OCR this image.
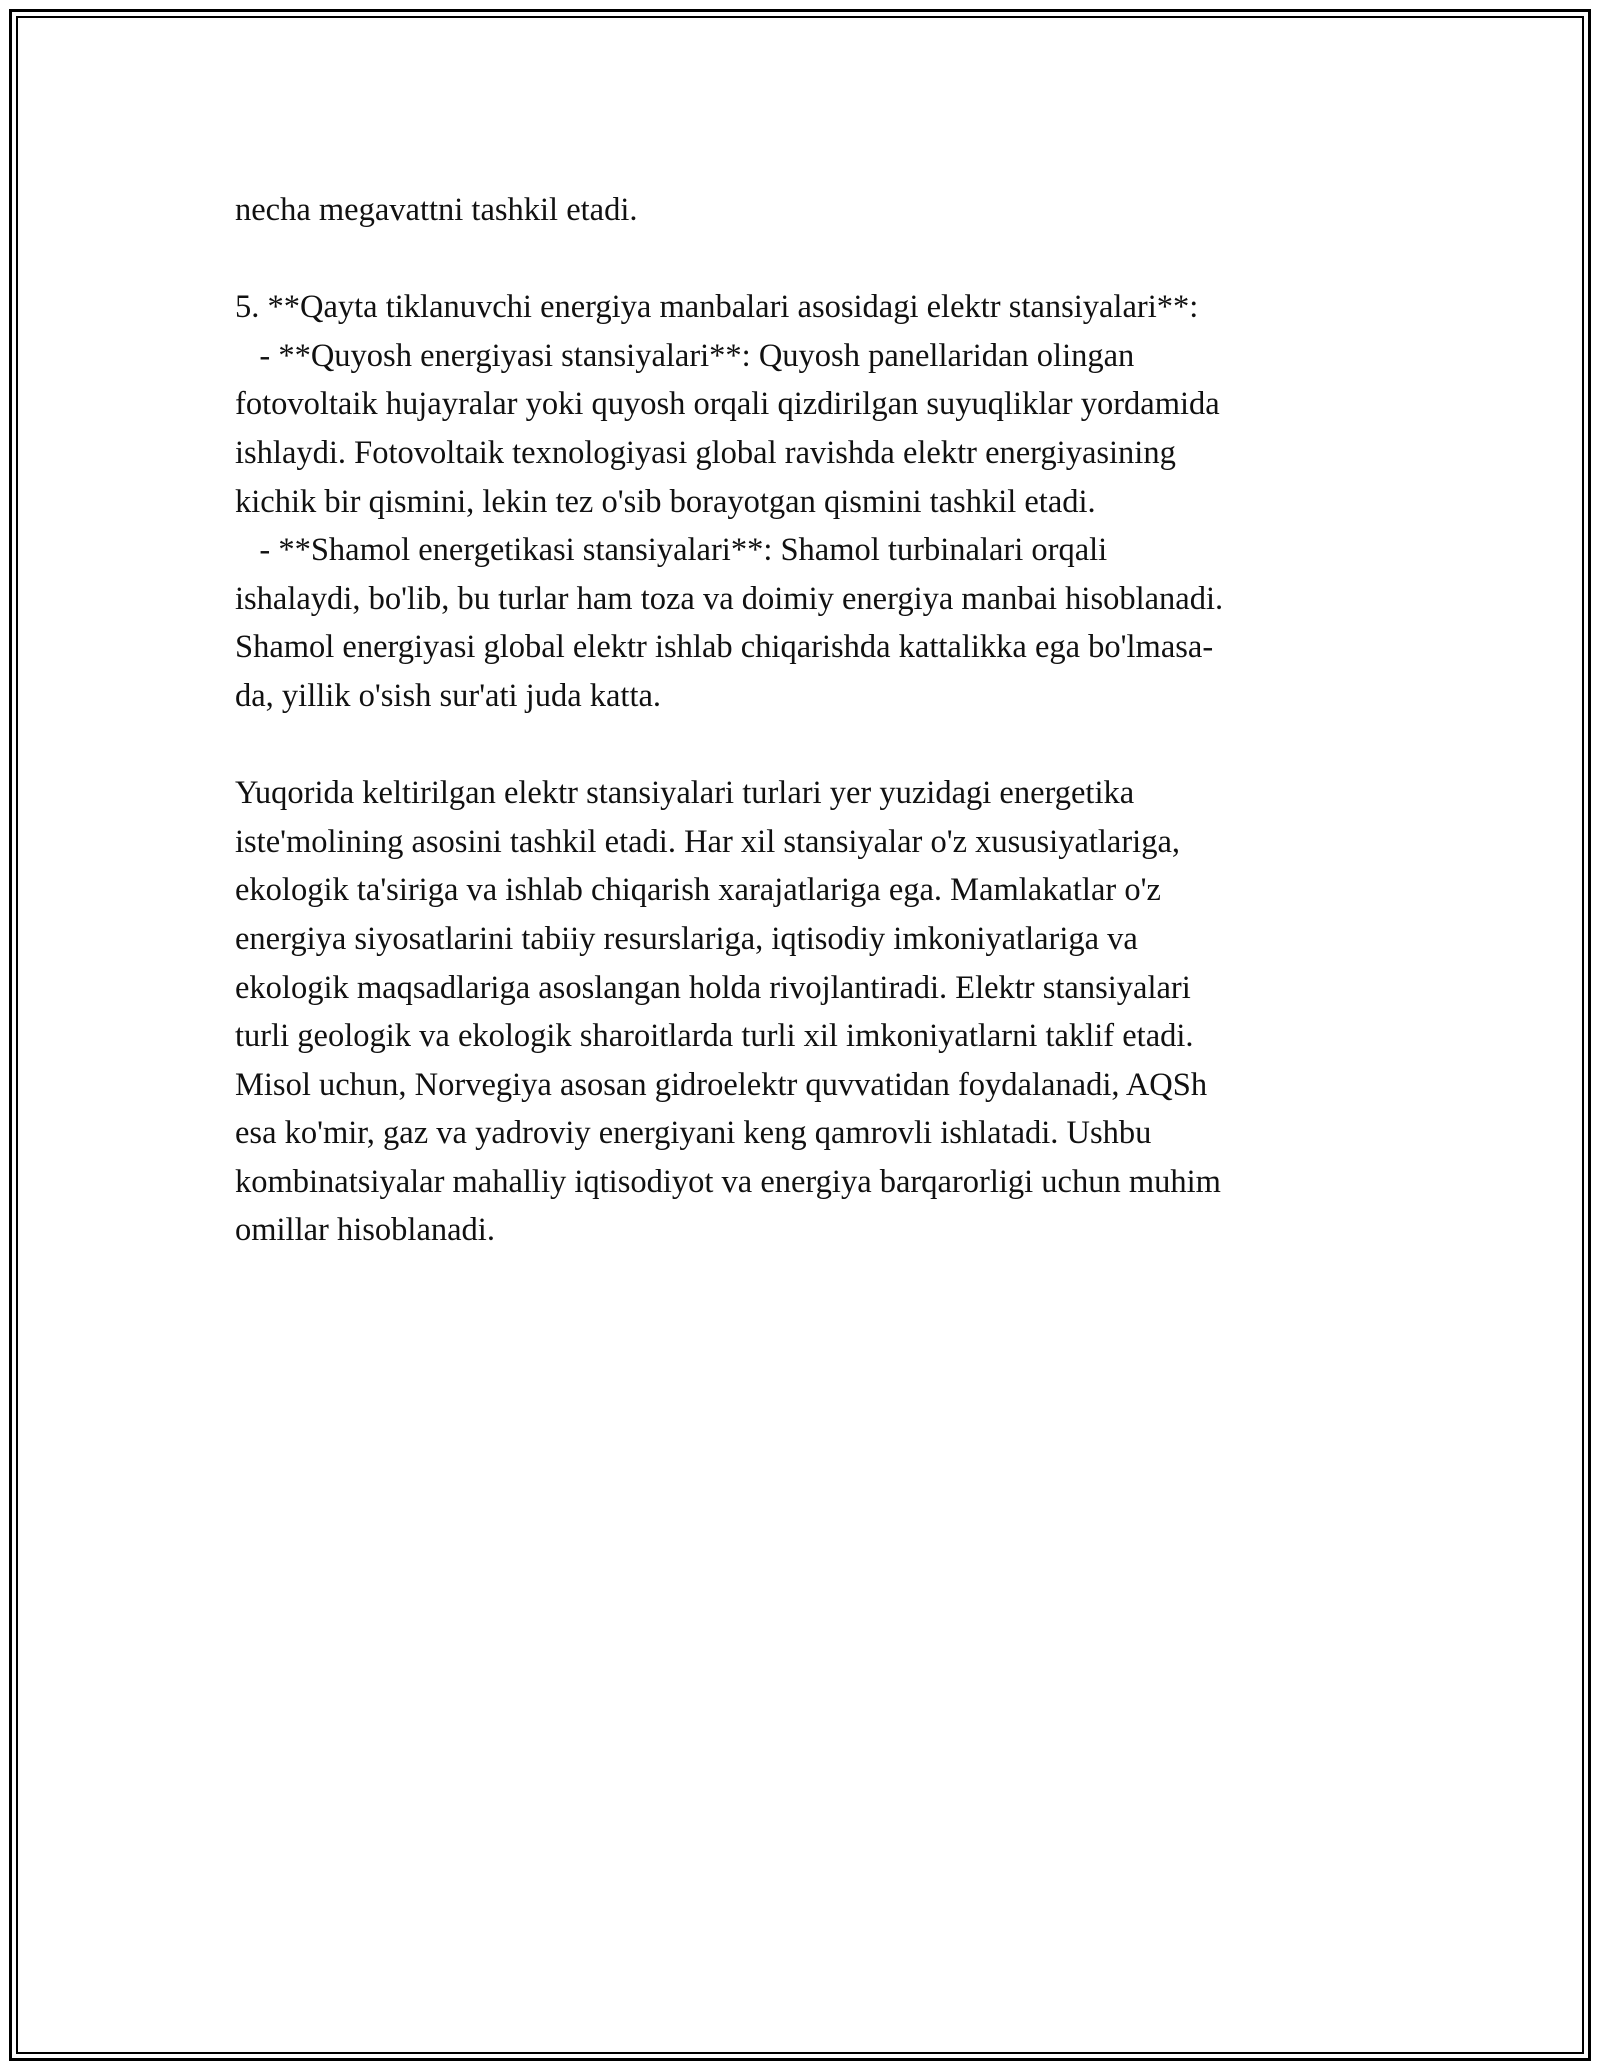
necha megavattni tashkil etadi.
5. **Qayta tiklanuvchi energiya manbalari asosidagi elektr stansiyalari**:
- **Quyosh energiyasi stansiyalari**: Quyosh panellaridan olingan
fotovoltaik hujayralar yoki quyosh orqali qizdirilgan suyuqliklar yordamida
ishlaydi. Fotovoltaik texnologiyasi global ravishda elektr energiyasining
kichik bir qismini, lekin tez o'sib borayotgan qismini tashkil etadi.
- **Shamol energetikasi stansiyalari**: Shamol turbinalari orqali
ishalaydi, bo'lib, bu turlar ham toza va doimiy energiya manbai hisoblanadi.
Shamol energiyasi global elektr ishlab chiqarishda kattalikka ega bo'lmasa-
da, yillik o'sish sur'ati juda katta.
Yuqorida keltirilgan elektr stansiyalari turlari yer yuzidagi energetika
iste'molining asosini tashkil etadi. Har xil stansiyalar o'z xususiyatlariga,
ekologik ta'siriga va ishlab chiqarish xarajatlariga ega. Mamlakatlar o'z
energiya siyosatlarini tabiiy resurslariga, iqtisodiy imkoniyatlariga va
ekologik maqsadlariga asoslangan holda rivojlantiradi. Elektr stansiyalari
turli geologik va ekologik sharoitlarda turli xil imkoniyatlarni taklif etadi.
Misol uchun, Norvegiya asosan gidroelektr quvvatidan foydalanadi, AQSh
esa ko'mir, gaz va yadroviy energiyani keng qamrovli ishlatadi. Ushbu
kombinatsiyalar mahalliy iqtisodiyot va energiya barqarorligi uchun muhim
omillar hisoblanadi.
